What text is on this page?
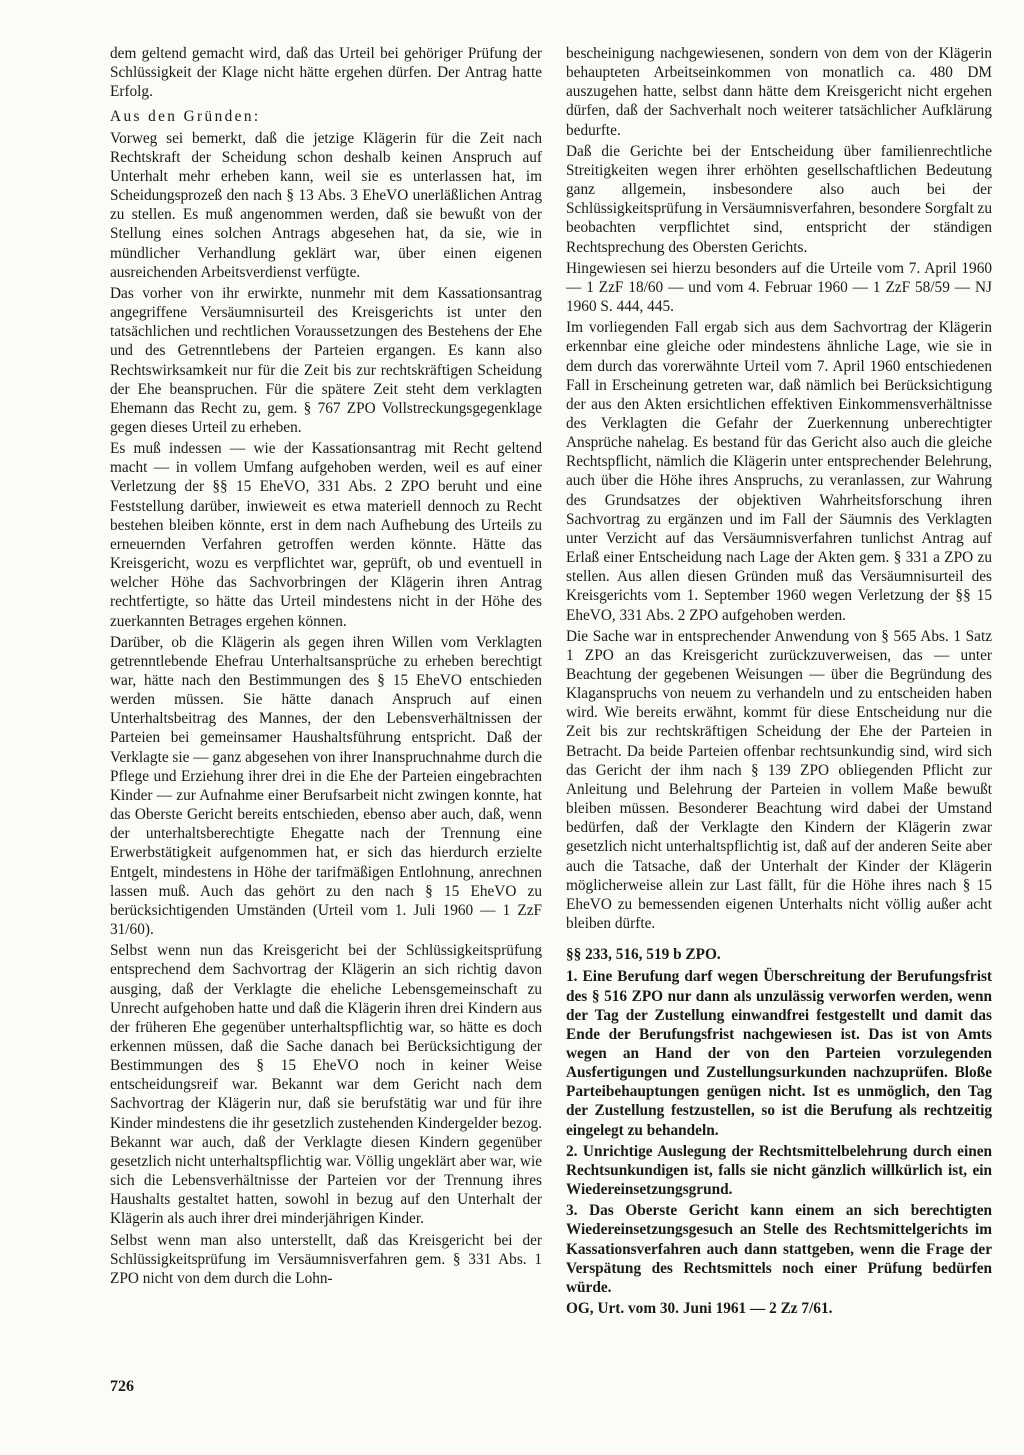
dem geltend gemacht wird, daß das Urteil bei gehöriger Prüfung der Schlüssigkeit der Klage nicht hätte ergehen dürfen. Der Antrag hatte Erfolg.

Aus den Gründen:

Vorweg sei bemerkt, daß die jetzige Klägerin für die Zeit nach Rechtskraft der Scheidung schon deshalb keinen Anspruch auf Unterhalt mehr erheben kann, weil sie es unterlassen hat, im Scheidungsprozeß den nach § 13 Abs. 3 EheVO unerläßlichen Antrag zu stellen. Es muß angenommen werden, daß sie bewußt von der Stellung eines solchen Antrags abgesehen hat, da sie, wie in mündlicher Verhandlung geklärt war, über einen eigenen ausreichenden Arbeitsverdienst verfügte.

Das vorher von ihr erwirkte, nunmehr mit dem Kassationsantrag angegriffene Versäumnisurteil des Kreisgerichts ist unter den tatsächlichen und rechtlichen Voraussetzungen des Bestehens der Ehe und des Getrenntlebens der Parteien ergangen. Es kann also Rechtswirksamkeit nur für die Zeit bis zur rechtskräftigen Scheidung der Ehe beanspruchen. Für die spätere Zeit steht dem verklagten Ehemann das Recht zu, gem. § 767 ZPO Vollstreckungsgegenklage gegen dieses Urteil zu erheben.

Es muß indessen — wie der Kassationsantrag mit Recht geltend macht — in vollem Umfang aufgehoben werden, weil es auf einer Verletzung der §§ 15 EheVO, 331 Abs. 2 ZPO beruht und eine Feststellung darüber, inwieweit es etwa materiell dennoch zu Recht bestehen bleiben könnte, erst in dem nach Aufhebung des Urteils zu erneuernden Verfahren getroffen werden könnte. Hätte das Kreisgericht, wozu es verpflichtet war, geprüft, ob und eventuell in welcher Höhe das Sachvorbringen der Klägerin ihren Antrag rechtfertigte, so hätte das Urteil mindestens nicht in der Höhe des zuerkannten Betrages ergehen können.

Darüber, ob die Klägerin als gegen ihren Willen vom Verklagten getrenntlebende Ehefrau Unterhaltsansprüche zu erheben berechtigt war, hätte nach den Bestimmungen des § 15 EheVO entschieden werden müssen. Sie hätte danach Anspruch auf einen Unterhaltsbeitrag des Mannes, der den Lebensverhältnissen der Parteien bei gemeinsamer Haushaltsführung entspricht. Daß der Verklagte sie — ganz abgesehen von ihrer Inanspruchnahme durch die Pflege und Erziehung ihrer drei in die Ehe der Parteien eingebrachten Kinder — zur Aufnahme einer Berufsarbeit nicht zwingen konnte, hat das Oberste Gericht bereits entschieden, ebenso aber auch, daß, wenn der unterhaltsberechtigte Ehegatte nach der Trennung eine Erwerbstätigkeit aufgenommen hat, er sich das hierdurch erzielte Entgelt, mindestens in Höhe der tarifmäßigen Entlohnung, anrechnen lassen muß. Auch das gehört zu den nach § 15 EheVO zu berücksichtigenden Umständen (Urteil vom 1. Juli 1960 — 1 ZzF 31/60).

Selbst wenn nun das Kreisgericht bei der Schlüssigkeitsprüfung entsprechend dem Sachvortrag der Klägerin an sich richtig davon ausging, daß der Verklagte die eheliche Lebensgemeinschaft zu Unrecht aufgehoben hatte und daß die Klägerin ihren drei Kindern aus der früheren Ehe gegenüber unterhaltspflichtig war, so hätte es doch erkennen müssen, daß die Sache danach bei Berücksichtigung der Bestimmungen des § 15 EheVO noch in keiner Weise entscheidungsreif war. Bekannt war dem Gericht nach dem Sachvortrag der Klägerin nur, daß sie berufstätig war und für ihre Kinder mindestens die ihr gesetzlich zustehenden Kindergelder bezog. Bekannt war auch, daß der Verklagte diesen Kindern gegenüber gesetzlich nicht unterhaltspflichtig war. Völlig ungeklärt aber war, wie sich die Lebensverhältnisse der Parteien vor der Trennung ihres Haushalts gestaltet hatten, sowohl in bezug auf den Unterhalt der Klägerin als auch ihrer drei minderjährigen Kinder.

Selbst wenn man also unterstellt, daß das Kreisgericht bei der Schlüssigkeitsprüfung im Versäumnisverfahren gem. § 331 Abs. 1 ZPO nicht von dem durch die Lohn-

bescheinigung nachgewiesenen, sondern von dem von der Klägerin behaupteten Arbeitseinkommen von monatlich ca. 480 DM auszugehen hatte, selbst dann hätte dem Kreisgericht nicht ergehen dürfen, daß der Sachverhalt noch weiterer tatsächlicher Aufklärung bedurfte.

Daß die Gerichte bei der Entscheidung über familienrechtliche Streitigkeiten wegen ihrer erhöhten gesellschaftlichen Bedeutung ganz allgemein, insbesondere also auch bei der Schlüssigkeitsprüfung in Versäumnisverfahren, besondere Sorgfalt zu beobachten verpflichtet sind, entspricht der ständigen Rechtsprechung des Obersten Gerichts.

Hingewiesen sei hierzu besonders auf die Urteile vom 7. April 1960 — 1 ZzF 18/60 — und vom 4. Februar 1960 — 1 ZzF 58/59 — NJ 1960 S. 444, 445.

Im vorliegenden Fall ergab sich aus dem Sachvortrag der Klägerin erkennbar eine gleiche oder mindestens ähnliche Lage, wie sie in dem durch das vorerwähnte Urteil vom 7. April 1960 entschiedenen Fall in Erscheinung getreten war, daß nämlich bei Berücksichtigung der aus den Akten ersichtlichen effektiven Einkommensverhältnisse des Verklagten die Gefahr der Zuerkennung unberechtigter Ansprüche nahelag. Es bestand für das Gericht also auch die gleiche Rechtspflicht, nämlich die Klägerin unter entsprechender Belehrung, auch über die Höhe ihres Anspruchs, zu veranlassen, zur Wahrung des Grundsatzes der objektiven Wahrheitsforschung ihren Sachvortrag zu ergänzen und im Fall der Säumnis des Verklagten unter Verzicht auf das Versäumnisverfahren tunlichst Antrag auf Erlaß einer Entscheidung nach Lage der Akten gem. § 331 a ZPO zu stellen. Aus allen diesen Gründen muß das Versäumnisurteil des Kreisgerichts vom 1. September 1960 wegen Verletzung der §§ 15 EheVO, 331 Abs. 2 ZPO aufgehoben werden.

Die Sache war in entsprechender Anwendung von § 565 Abs. 1 Satz 1 ZPO an das Kreisgericht zurückzuverweisen, das — unter Beachtung der gegebenen Weisungen — über die Begründung des Klaganspruchs von neuem zu verhandeln und zu entscheiden haben wird. Wie bereits erwähnt, kommt für diese Entscheidung nur die Zeit bis zur rechtskräftigen Scheidung der Ehe der Parteien in Betracht. Da beide Parteien offenbar rechtsunkundig sind, wird sich das Gericht der ihm nach § 139 ZPO obliegenden Pflicht zur Anleitung und Belehrung der Parteien in vollem Maße bewußt bleiben müssen. Besonderer Beachtung wird dabei der Umstand bedürfen, daß der Verklagte den Kindern der Klägerin zwar gesetzlich nicht unterhaltspflichtig ist, daß auf der anderen Seite aber auch die Tatsache, daß der Unterhalt der Kinder der Klägerin möglicherweise allein zur Last fällt, für die Höhe ihres nach § 15 EheVO zu bemessenden eigenen Unterhalts nicht völlig außer acht bleiben dürfte.

§§ 233, 516, 519 b ZPO.

1. Eine Berufung darf wegen Überschreitung der Berufungsfrist des § 516 ZPO nur dann als unzulässig verworfen werden, wenn der Tag der Zustellung einwandfrei festgestellt und damit das Ende der Berufungsfrist nachgewiesen ist. Das ist von Amts wegen an Hand der von den Parteien vorzulegenden Ausfertigungen und Zustellungsurkunden nachzuprüfen. Bloße Parteibehauptungen genügen nicht. Ist es unmöglich, den Tag der Zustellung festzustellen, so ist die Berufung als rechtzeitig eingelegt zu behandeln.

2. Unrichtige Auslegung der Rechtsmittelbelehrung durch einen Rechtsunkundigen ist, falls sie nicht gänzlich willkürlich ist, ein Wiedereinsetzungsgrund.

3. Das Oberste Gericht kann einem an sich berechtigten Wiedereinsetzungsgesuch an Stelle des Rechtsmittelgerichts im Kassationsverfahren auch dann stattgeben, wenn die Frage der Verspätung des Rechtsmittels noch einer Prüfung bedürfen würde.

OG, Urt. vom 30. Juni 1961 — 2 Zz 7/61.

726
